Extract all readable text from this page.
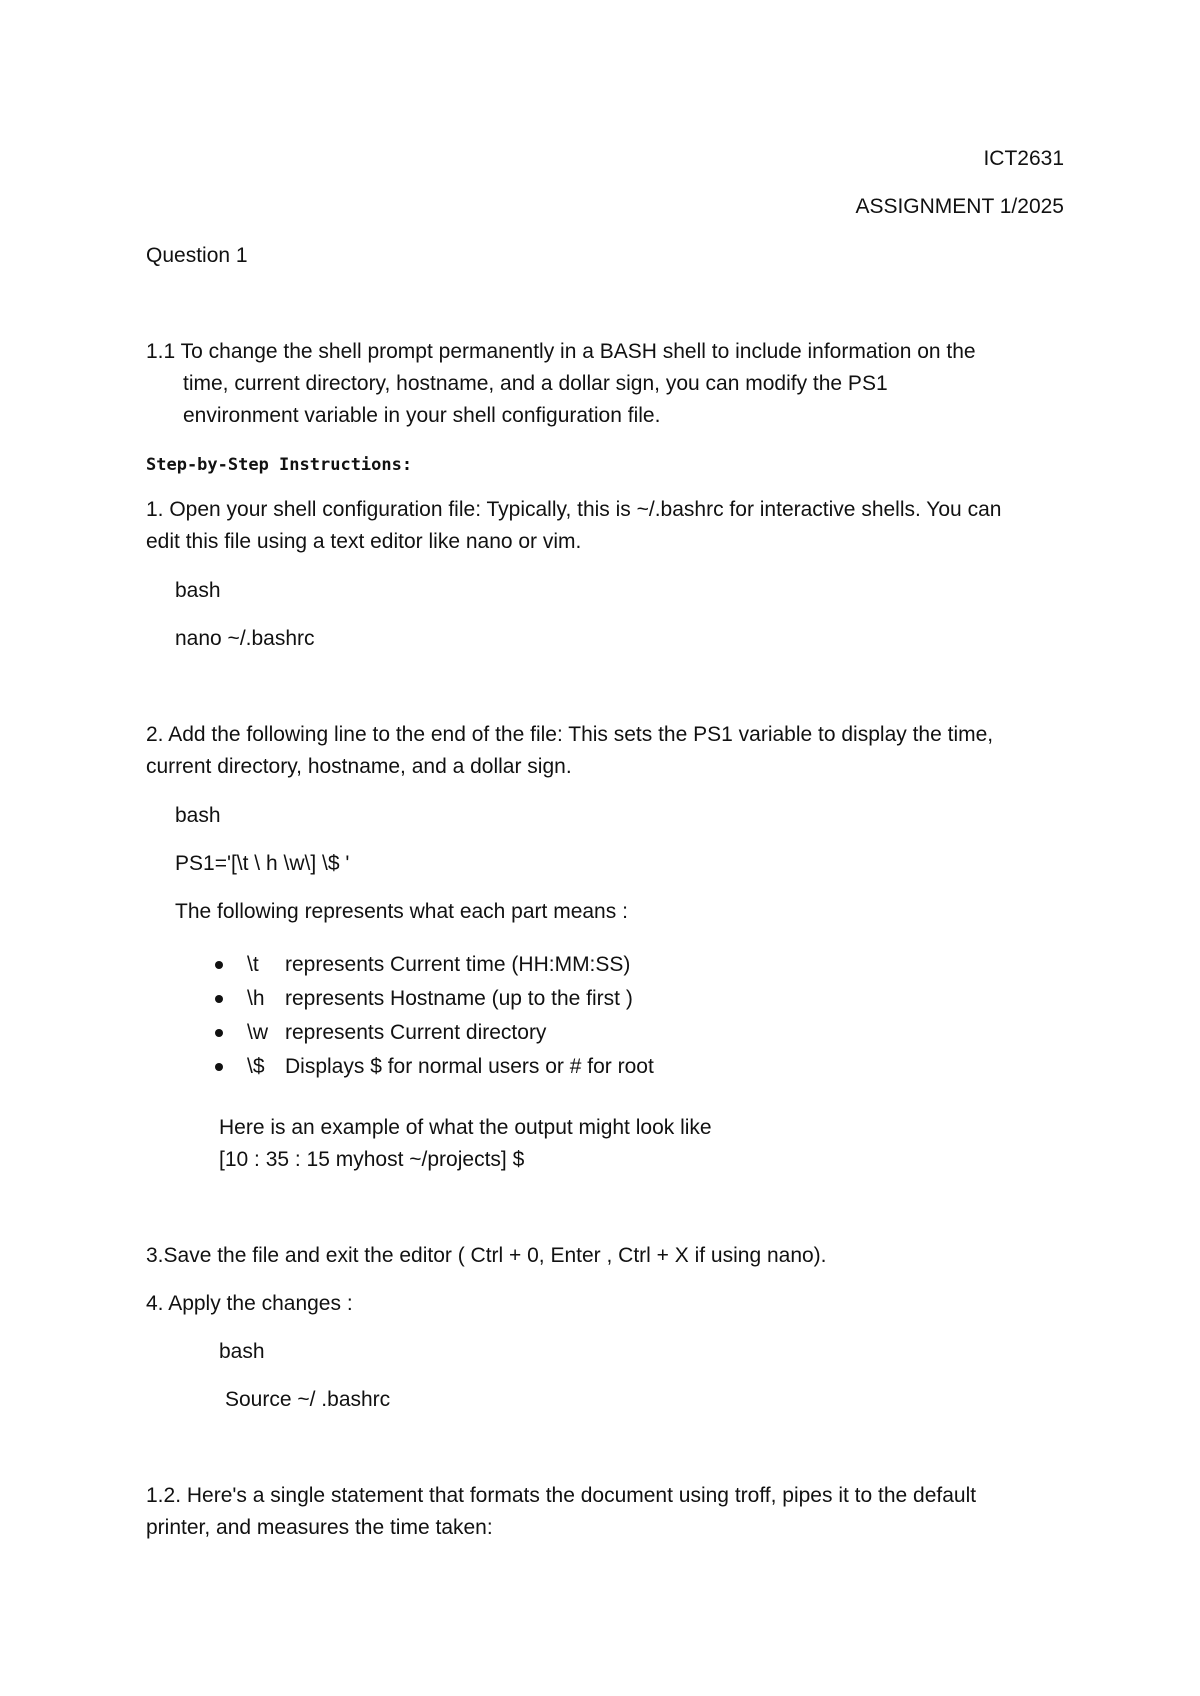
ICT2631
ASSIGNMENT 1/2025
Question 1
1.1 To change the shell prompt permanently in a BASH shell to include information on the
time, current directory, hostname, and a dollar sign, you can modify the PS1
environment variable in your shell configuration file.
Step-by-Step Instructions:
1. Open your shell configuration file: Typically, this is ~/.bashrc for interactive shells. You can
edit this file using a text editor like nano or vim.
bash
nano ~/.bashrc
2. Add the following line to the end of the file: This sets the PS1 variable to display the time,
current directory, hostname, and a dollar sign.
bash
PS1='[\t \ h \w\] \$ '
The following represents what each part means :
\t represents Current time (HH:MM:SS)
\h represents Hostname (up to the first )
\w represents Current directory
\$ Displays $ for normal users or # for root
Here is an example of what the output might look like
[10 : 35 : 15 myhost ~/projects] $
3.Save the file and exit the editor ( Ctrl + 0, Enter , Ctrl + X if using nano).
4. Apply the changes :
bash
Source ~/ .bashrc
1.2. Here's a single statement that formats the document using troff, pipes it to the default
printer, and measures the time taken:
